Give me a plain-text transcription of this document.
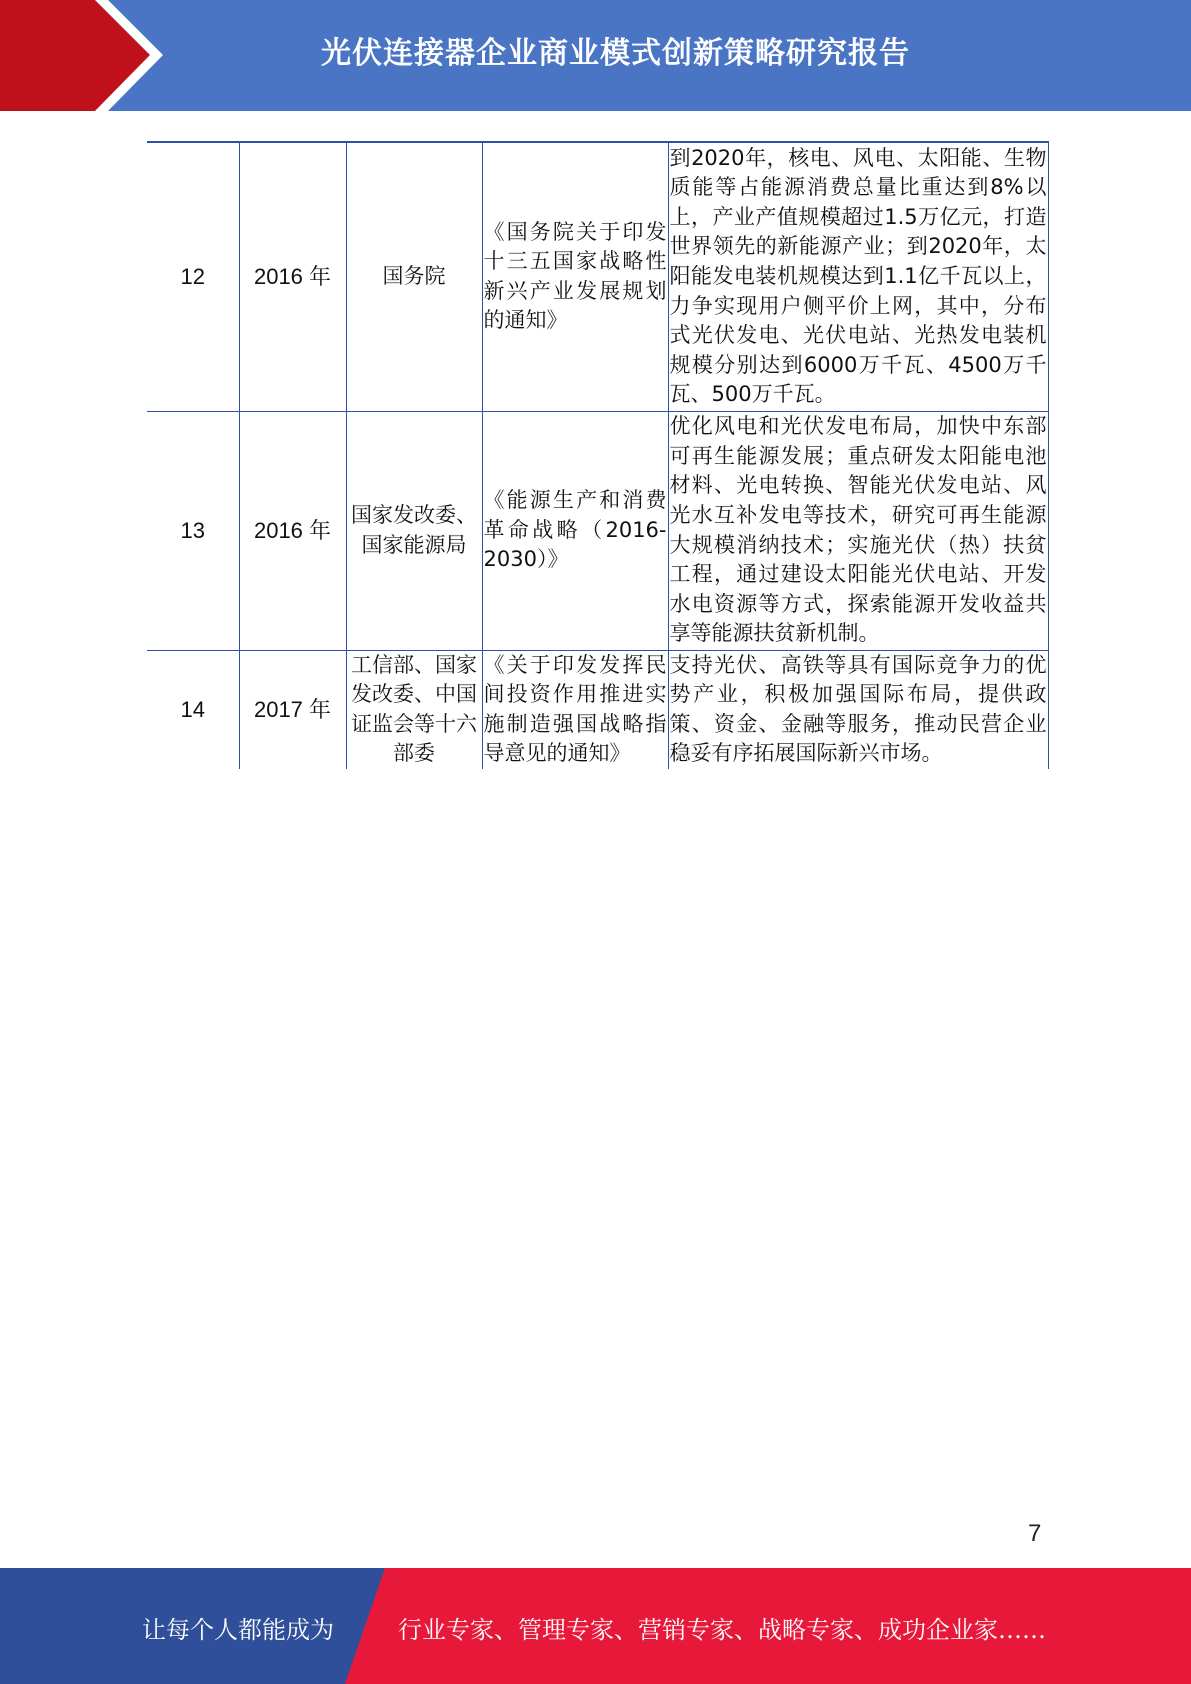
光伏连接器企业商业模式创新策略研究报告
12	2016 年	国务院	《国务院关于印发十三五国家战略性新兴产业发展规划的通知》	到2020年，核电、风电、太阳能、生物质能等占能源消费总量比重达到8%以上，产业产值规模超过1.5万亿元，打造世界领先的新能源产业；到2020年，太阳能发电装机规模达到1.1亿千瓦以上，力争实现用户侧平价上网，其中，分布式光伏发电、光伏电站、光热发电装机规模分别达到6000万千瓦、4500万千瓦、500万千瓦。
13	2016 年	国家发改委、国家能源局	《能源生产和消费革命战略（2016-2030）》	优化风电和光伏发电布局，加快中东部可再生能源发展；重点研发太阳能电池材料、光电转换、智能光伏发电站、风光水互补发电等技术，研究可再生能源大规模消纳技术；实施光伏（热）扶贫工程，通过建设太阳能光伏电站、开发水电资源等方式，探索能源开发收益共享等能源扶贫新机制。
14	2017 年	工信部、国家发改委、中国证监会等十六部委	《关于印发发挥民间投资作用推进实施制造强国战略指导意见的通知》	支持光伏、高铁等具有国际竞争力的优势产业，积极加强国际布局，提供政策、资金、金融等服务，推动民营企业稳妥有序拓展国际新兴市场。
7
让每个人都能成为	行业专家、管理专家、营销专家、战略专家、成功企业家……
